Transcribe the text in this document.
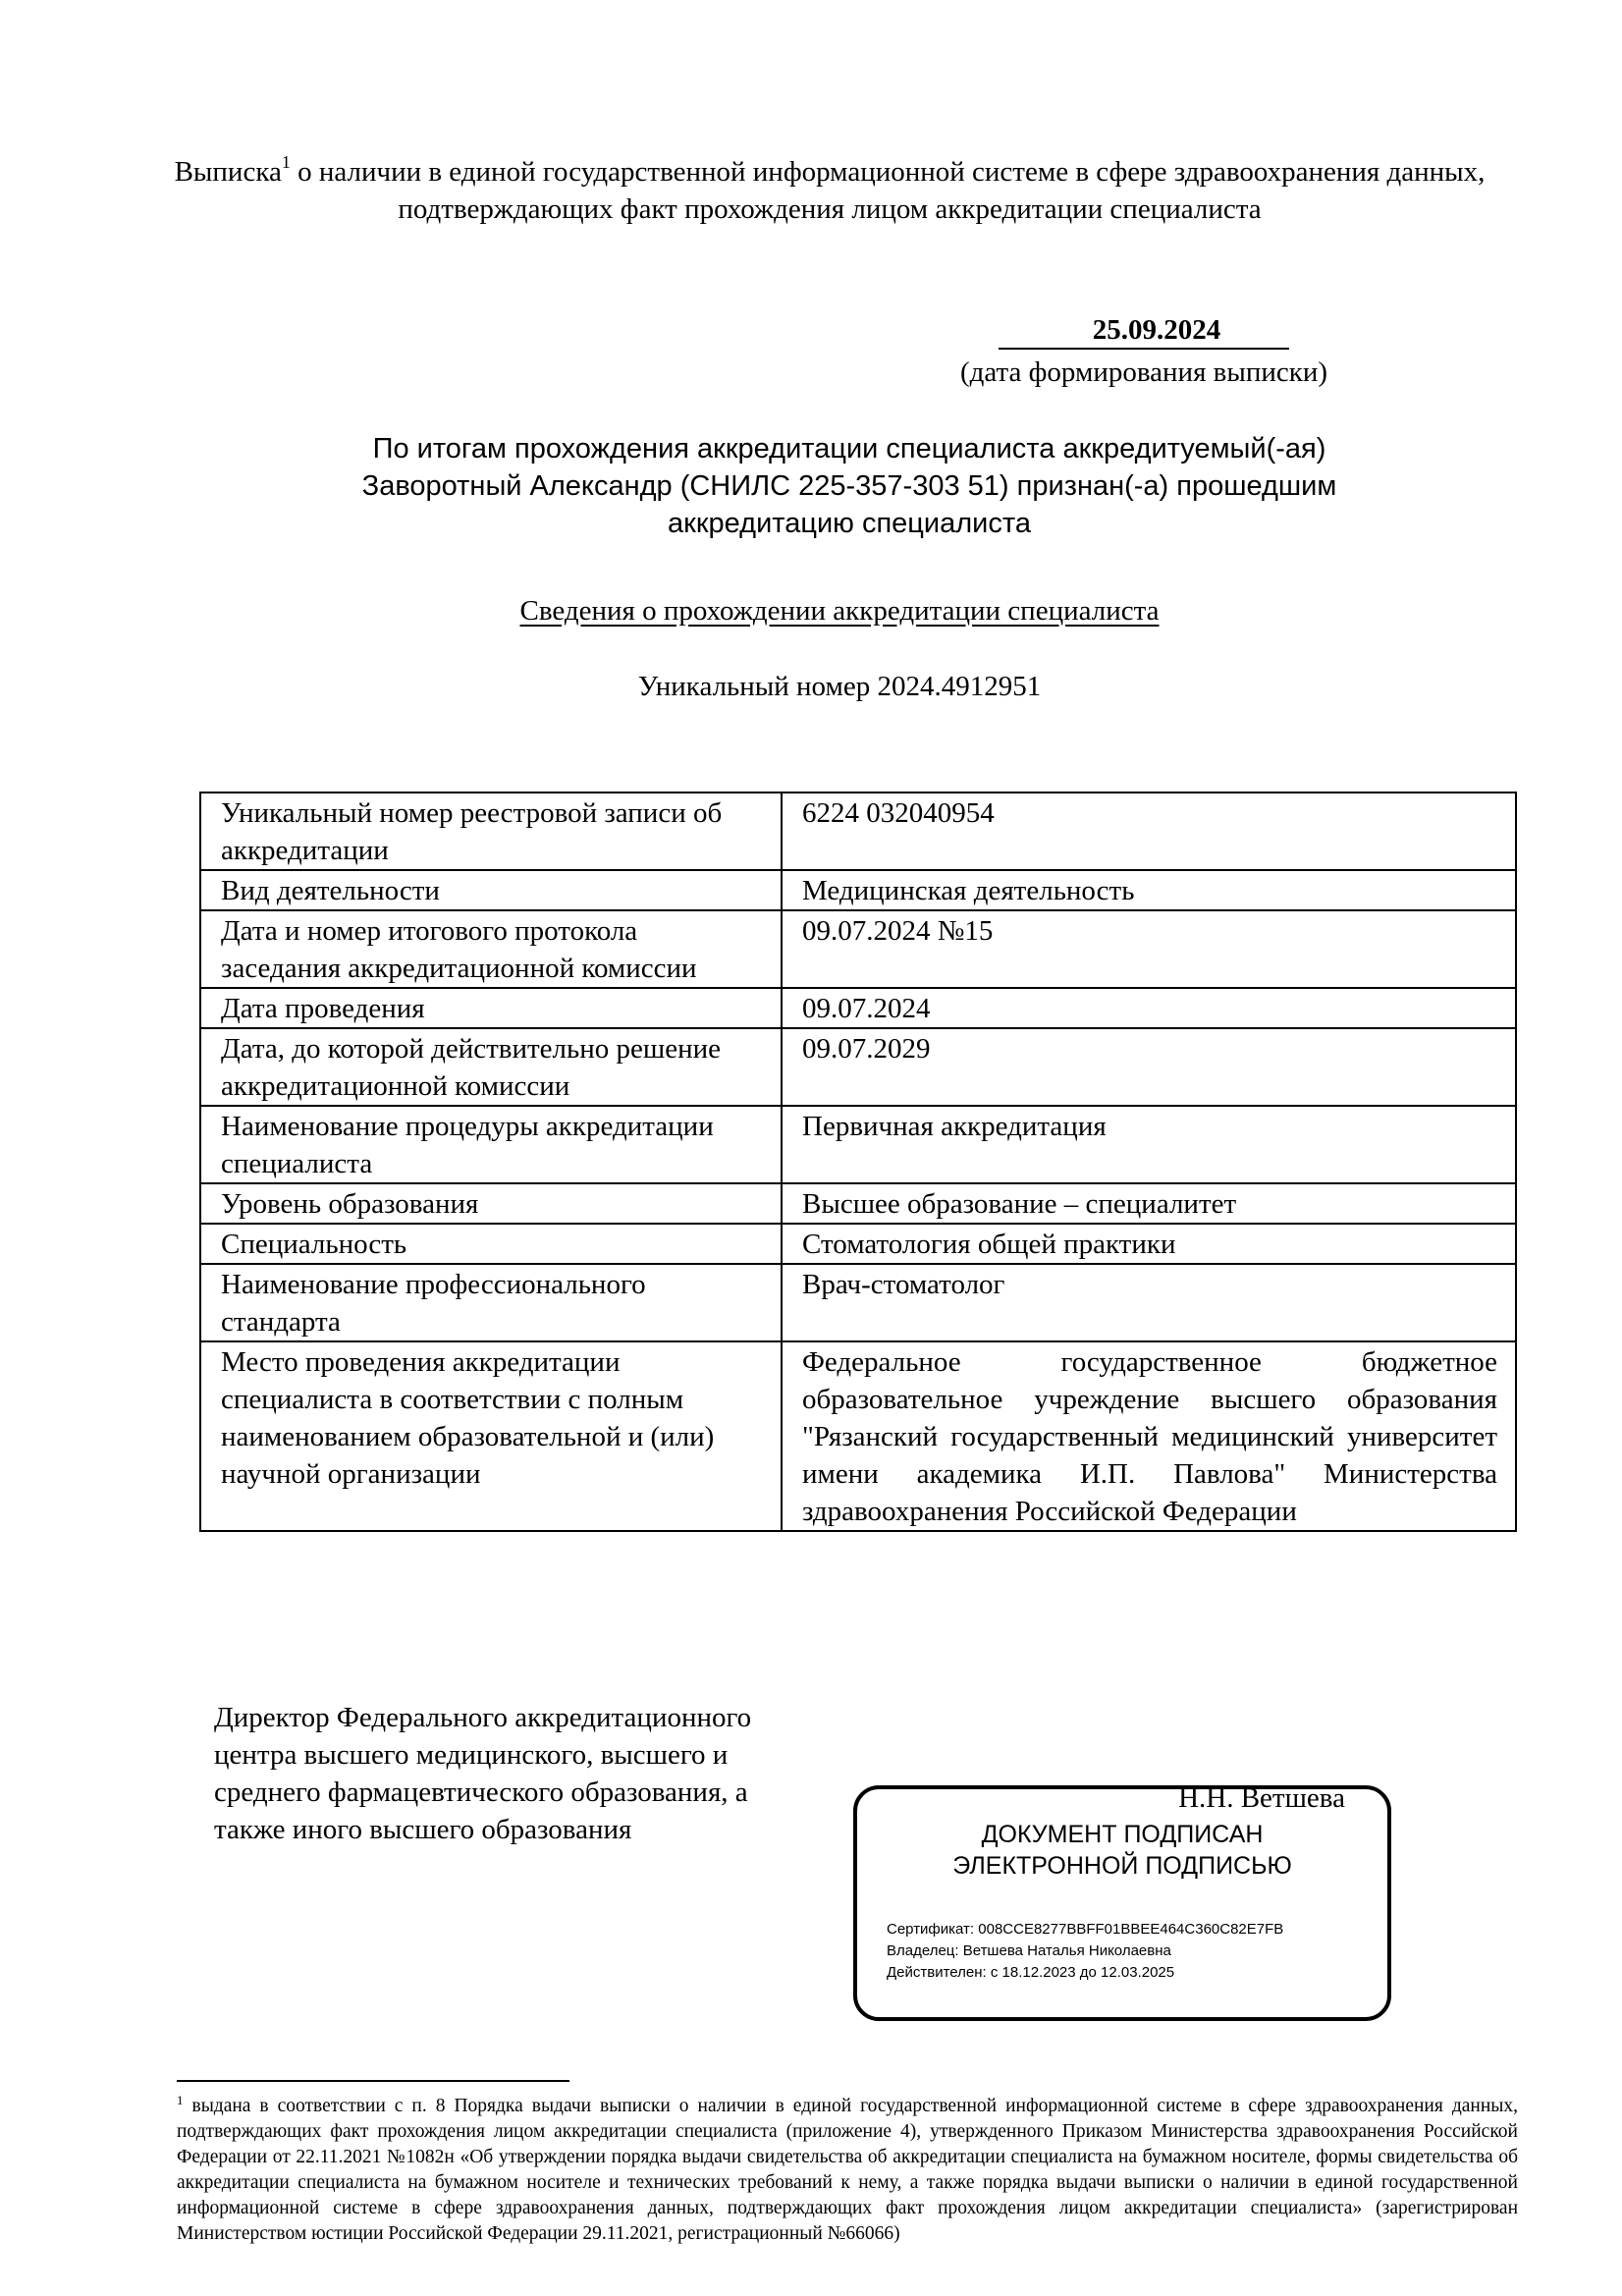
Выписка$^1$ о наличии в единой государственной информационной системе в сфере здравоохранения данных, подтверждающих факт прохождения лицом аккредитации специалиста
25.09.2024
(дата формирования выписки)
По итогам прохождения аккредитации специалиста аккредитуемый(-ая)
Заворотный Александр (СНИЛС 225-357-303 51) признан(-а) прошедшим
аккредитацию специалиста
Сведения о прохождении аккредитации специалиста
Уникальный номер 2024.4912951
Уникальный номер реестровой записи об аккредитации	6224 032040954
Вид деятельности	Медицинская деятельность
Дата и номер итогового протокола заседания аккредитационной комиссии	09.07.2024 №15
Дата проведения	09.07.2024
Дата, до которой действительно решение аккредитационной комиссии	09.07.2029
Наименование процедуры аккредитации специалиста	Первичная аккредитация
Уровень образования	Высшее образование – специалитет
Специальность	Стоматология общей практики
Наименование профессионального стандарта	Врач-стоматолог
Место проведения аккредитации специалиста в соответствии с полным наименованием образовательной и (или) научной организации	Федеральное государственное бюджетное образовательное учреждение высшего образования "Рязанский государственный медицинский университет имени академика И.П. Павлова" Министерства здравоохранения Российской Федерации
Директор Федерального аккредитационного центра высшего медицинского, высшего и среднего фармацевтического образования, а также иного высшего образования
Н.Н. Ветшева
ДОКУМЕНТ ПОДПИСАН
ЭЛЕКТРОННОЙ ПОДПИСЬЮ
Сертификат: 008CCE8277BBFF01BBEE464C360C82E7FB
Владелец: Ветшева Наталья Николаевна
Действителен: с 18.12.2023 до 12.03.2025
$^1$ выдана в соответствии с п. 8 Порядка выдачи выписки о наличии в единой государственной информационной системе в сфере здравоохранения данных, подтверждающих факт прохождения лицом аккредитации специалиста (приложение 4), утвержденного Приказом Министерства здравоохранения Российской Федерации от 22.11.2021 №1082н «Об утверждении порядка выдачи свидетельства об аккредитации специалиста на бумажном носителе, формы свидетельства об аккредитации специалиста на бумажном носителе и технических требований к нему, а также порядка выдачи выписки о наличии в единой государственной информационной системе в сфере здравоохранения данных, подтверждающих факт прохождения лицом аккредитации специалиста» (зарегистрирован Министерством юстиции Российской Федерации 29.11.2021, регистрационный №66066)
